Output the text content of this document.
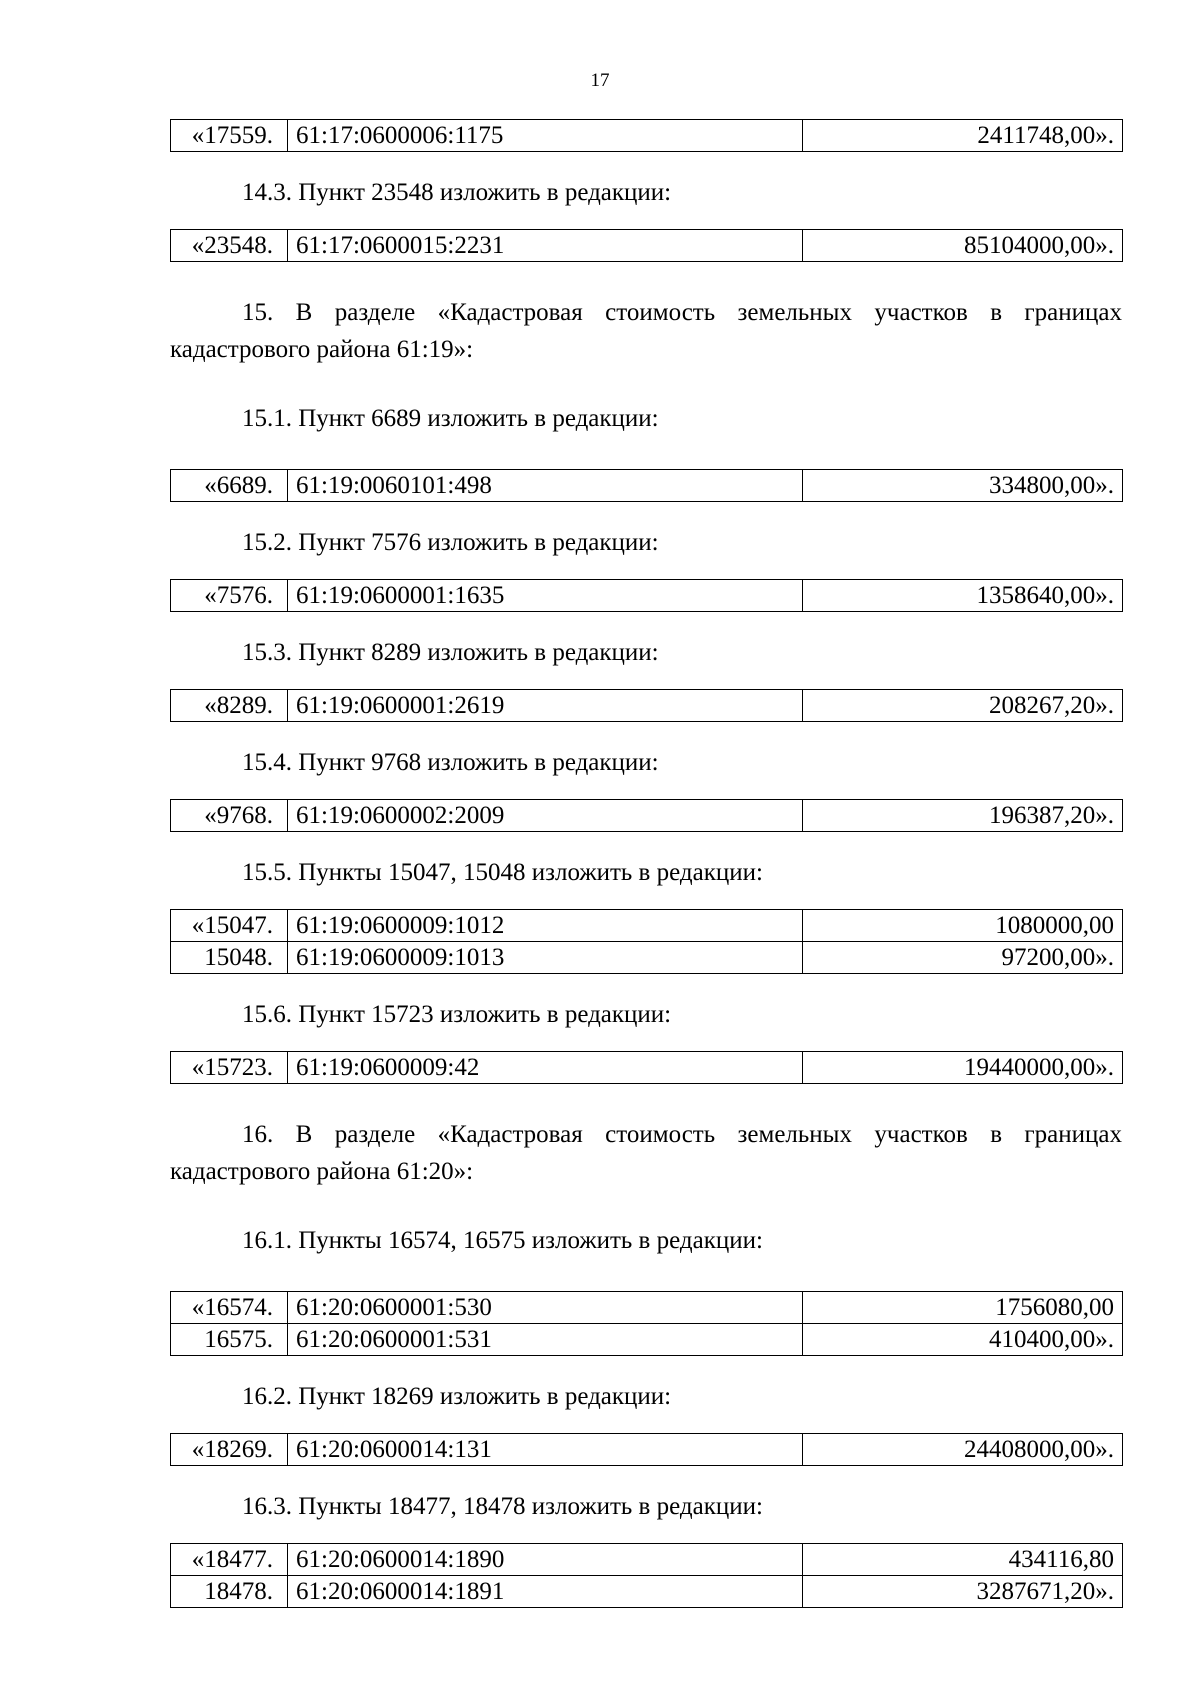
17
«17559.	61:17:0600006:1175	2411748,00».

14.3. Пункт 23548 изложить в редакции:

«23548.	61:17:0600015:2231	85104000,00».

15. В разделе «Кадастровая стоимость земельных участков в границах кадастрового района 61:19»:

15.1. Пункт 6689 изложить в редакции:

«6689.	61:19:0060101:498	334800,00».

15.2. Пункт 7576 изложить в редакции:

«7576.	61:19:0600001:1635	1358640,00».

15.3. Пункт 8289 изложить в редакции:

«8289.	61:19:0600001:2619	208267,20».

15.4. Пункт 9768 изложить в редакции:

«9768.	61:19:0600002:2009	196387,20».

15.5. Пункты 15047, 15048 изложить в редакции:

«15047.	61:19:0600009:1012	1080000,00
15048.	61:19:0600009:1013	97200,00».

15.6. Пункт 15723 изложить в редакции:

«15723.	61:19:0600009:42	19440000,00».

16. В разделе «Кадастровая стоимость земельных участков в границах кадастрового района 61:20»:

16.1. Пункты 16574, 16575 изложить в редакции:

«16574.	61:20:0600001:530	1756080,00
16575.	61:20:0600001:531	410400,00».

16.2. Пункт 18269 изложить в редакции:

«18269.	61:20:0600014:131	24408000,00».

16.3. Пункты 18477, 18478 изложить в редакции:

«18477.	61:20:0600014:1890	434116,80
18478.	61:20:0600014:1891	3287671,20».
